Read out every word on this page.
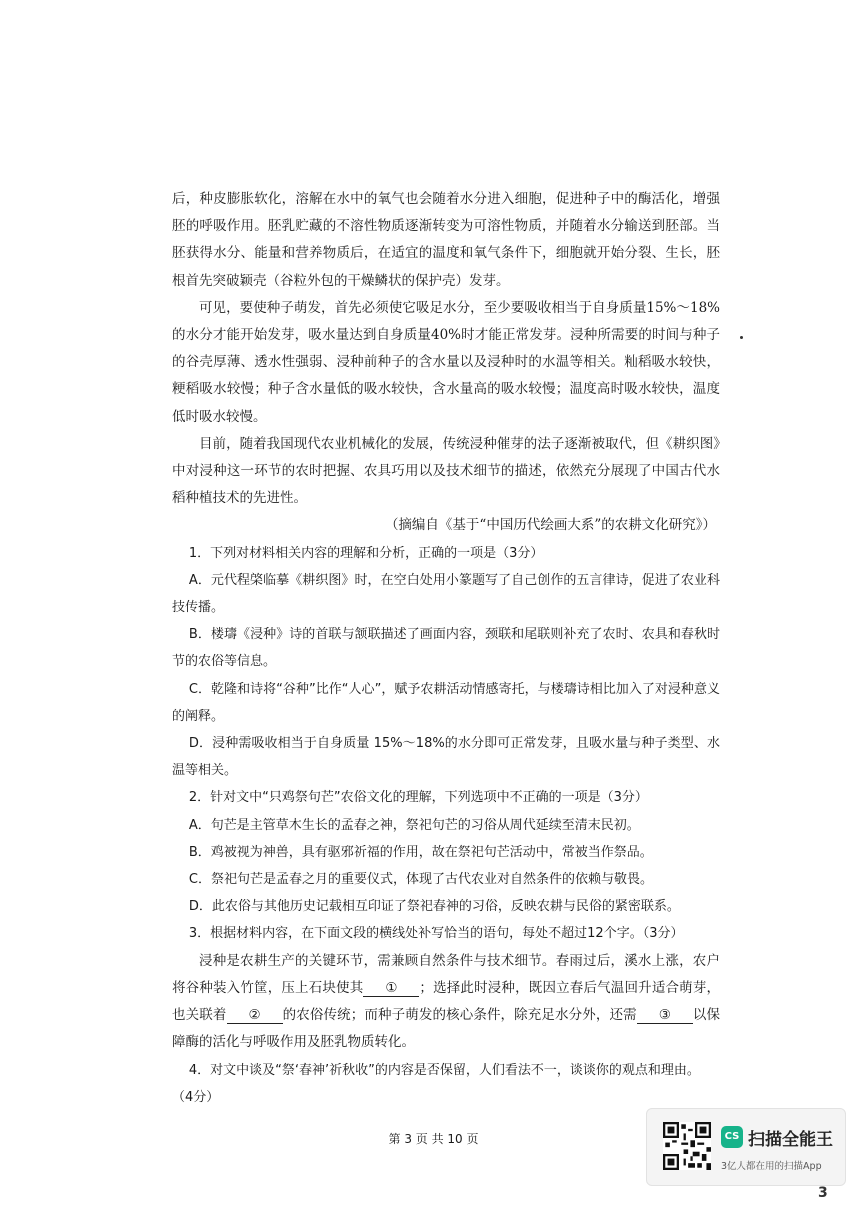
后，种皮膨胀软化，溶解在水中的氧气也会随着水分进入细胞，促进种子中的酶活化，增强胚的呼吸作用。胚乳贮藏的不溶性物质逐渐转变为可溶性物质，并随着水分输送到胚部。当胚获得水分、能量和营养物质后，在适宜的温度和氧气条件下，细胞就开始分裂、生长，胚根首先突破颖壳（谷粒外包的干燥鳞状的保护壳）发芽。

可见，要使种子萌发，首先必须使它吸足水分，至少要吸收相当于自身质量15%～18%的水分才能开始发芽，吸水量达到自身质量40%时才能正常发芽。浸种所需要的时间与种子的谷壳厚薄、透水性强弱、浸种前种子的含水量以及浸种时的水温等相关。籼稻吸水较快，粳稻吸水较慢；种子含水量低的吸水较快，含水量高的吸水较慢；温度高时吸水较快，温度低时吸水较慢。

目前，随着我国现代农业机械化的发展，传统浸种催芽的法子逐渐被取代，但《耕织图》中对浸种这一环节的农时把握、农具巧用以及技术细节的描述，依然充分展现了中国古代水稻种植技术的先进性。

（摘编自《基于“中国历代绘画大系”的农耕文化研究》）

1．下列对材料相关内容的理解和分析，正确的一项是（3分）

A．元代程棨临摹《耕织图》时，在空白处用小篆题写了自己创作的五言律诗，促进了农业科技传播。

B．楼璹《浸种》诗的首联与颔联描述了画面内容，颈联和尾联则补充了农时、农具和春秋时节的农俗等信息。

C．乾隆和诗将“谷种”比作“人心”，赋予农耕活动情感寄托，与楼璹诗相比加入了对浸种意义的阐释。

D．浸种需吸收相当于自身质量 15%～18%的水分即可正常发芽，且吸水量与种子类型、水温等相关。

2．针对文中“只鸡祭句芒”农俗文化的理解，下列选项中不正确的一项是（3分）

A．句芒是主管草木生长的孟春之神，祭祀句芒的习俗从周代延续至清末民初。

B．鸡被视为神兽，具有驱邪祈福的作用，故在祭祀句芒活动中，常被当作祭品。

C．祭祀句芒是孟春之月的重要仪式，体现了古代农业对自然条件的依赖与敬畏。

D．此农俗与其他历史记载相互印证了祭祀春神的习俗，反映农耕与民俗的紧密联系。

3．根据材料内容，在下面文段的横线处补写恰当的语句，每处不超过12个字。（3分）

浸种是农耕生产的关键环节，需兼顾自然条件与技术细节。春雨过后，溪水上涨，农户将谷种装入竹筐，压上石块使其 ① ；选择此时浸种，既因立春后气温回升适合萌芽，也关联着 ② 的农俗传统；而种子萌发的核心条件，除充足水分外，还需 ③ 以保障酶的活化与呼吸作用及胚乳物质转化。

4．对文中谈及“祭‘春神’祈秋收”的内容是否保留，人们看法不一，谈谈你的观点和理由。

（4分）

第 3 页 共 10 页	CS 扫描全能王
3亿人都在用的扫描App
3
